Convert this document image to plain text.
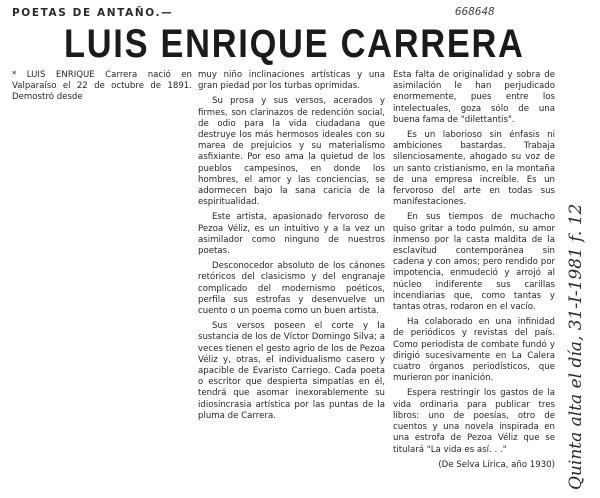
POETAS DE ANTAÑO.—	668648
LUIS ENRIQUE CARRERA

* LUIS ENRIQUE Carrera nació en Valparaíso el 22 de octubre de 1891. Demostró desde

muy niño inclinaciones artísticas y una gran piedad por los turbas oprimidas.

Su prosa y sus versos, acerados y firmes, son clarinazos de redención social, de odio para la vida ciudadana que destruye los más hermosos ideales con su marea de prejuicios y su materialismo asfixiante. Por eso ama la quietud de los pueblos campesinos, en donde los hombres, el amor y las conciencias, se adormecen bajo la sana caricia de la espiritualidad.

Este artista, apasionado fervoroso de Pezoa Véliz, es un intuitivo y a la vez un asimilador como ninguno de nuestros poetas.

Desconocedor absoluto de los cánones retóricos del clasicismo y del engranaje complicado del modernismo poéticos, perfila sus estrofas y desenvuelve un cuento o un poema como un buen artista.

Sus versos poseen el corte y la sustancia de los de Víctor Domingo Silva; a veces tienen el gesto agrio de los de Pezoa Véliz y, otras, el individualismo casero y apacible de Evaristo Carriego. Cada poeta o escritor que despierta simpatías en él, tendrá que asomar inexorablemente su idiosincrasia artística por las puntas de la pluma de Carrera.

Esta falta de originalidad y sobra de asimilación le han perjudicado enormemente, pues entre los intelectuales, goza sólo de una buena fama de "dilettantis".

Es un laborioso sin énfasis ni ambiciones bastardas. Trabaja silenciosamente, ahogado su voz de un santo cristianismo, en la montaña de una empresa increíble. Es un fervoroso del arte en todas sus manifestaciones.

En sus tiempos de muchacho quiso gritar a todo pulmón, su amor inmenso por la casta maldita de la esclavitud contemporánea sin cadena y con amos; pero rendido por impotencia, enmudeció y arrojó al núcleo indiferente sus carillas incendiarias que, como tantas y tantas otras, rodaron en el vacío.

Ha colaborado en una infinidad de periódicos y revistas del país. Como periodista de combate fundó y dirigió sucesivamente en La Calera cuatro órganos periodísticos, que murieron por inanición.

Espera restringir los gastos de la vida ordinaria para publicar tres libros: uno de poesías, otro de cuentos y una novela inspirada en una estrofa de Pezoa Véliz que se titulará "La vida es así. . ."

(De Selva Lírica, año 1930) Quinta alta el día, 31-I-1981 f. 12
